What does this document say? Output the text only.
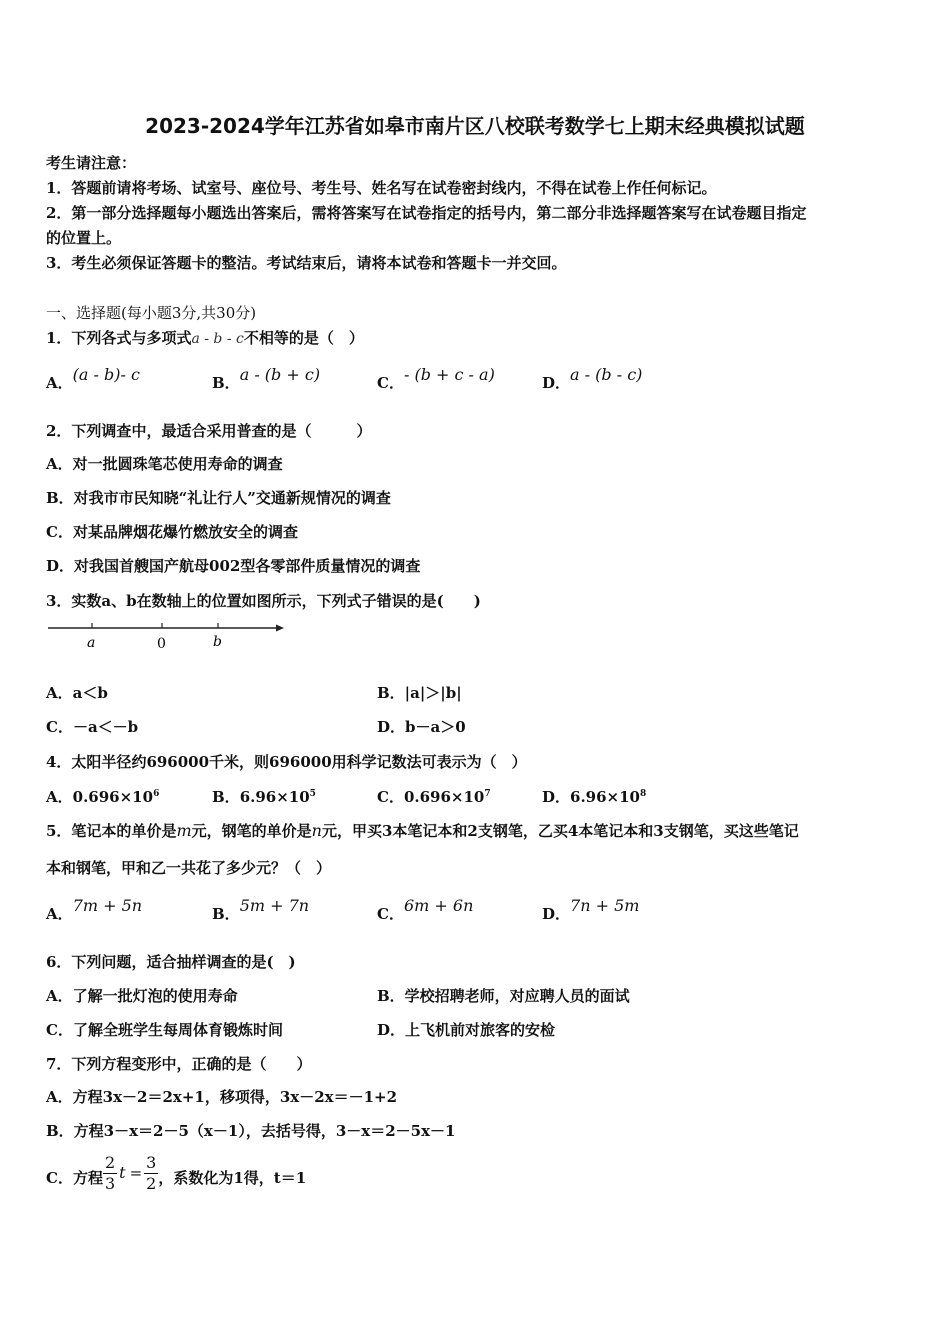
2023-2024学年江苏省如皋市南片区八校联考数学七上期末经典模拟试题
考生请注意：
1．答题前请将考场、试室号、座位号、考生号、姓名写在试卷密封线内，不得在试卷上作任何标记。
2．第一部分选择题每小题选出答案后，需将答案写在试卷指定的括号内，第二部分非选择题答案写在试卷题目指定
的位置上。
3．考生必须保证答题卡的整洁。考试结束后，请将本试卷和答题卡一并交回。
一、选择题(每小题3分,共30分)
1．下列各式与多项式a - b - c不相等的是（　）
A．(a - b)- c	B．a - (b + c)	C．- (b + c - a)	D．a - (b - c)
2．下列调查中，最适合采用普查的是（　　　）
A．对一批圆珠笔芯使用寿命的调查
B．对我市市民知晓“礼让行人”交通新规情况的调查
C．对某品牌烟花爆竹燃放安全的调查
D．对我国首艘国产航母002型各零部件质量情况的调查
3．实数a、b在数轴上的位置如图所示，下列式子错误的是(　　)
a	0	b
A．a＜b	B．|a|＞|b|
C．－a＜－b	D．b－a＞0
4．太阳半径约696000千米，则696000用科学记数法可表示为（　）
A．$0.696\times 10^6$	B．$6.96\times 10^5$	C．$0.696\times 10^7$	D．$6.96\times 10^8$
5．笔记本的单价是m元，钢笔的单价是n元，甲买3本笔记本和2支钢笔，乙买4本笔记本和3支钢笔，买这些笔记
本和钢笔，甲和乙一共花了多少元？（　）
A．7m + 5n	B．5m + 7n	C．6m + 6n	D．7n + 5m
6．下列问题，适合抽样调查的是(　)
A．了解一批灯泡的使用寿命	B．学校招聘老师，对应聘人员的面试
C．了解全班学生每周体育锻炼时间	D．上飞机前对旅客的安检
7．下列方程变形中，正确的是（　　）
A．方程3x－2＝2x+1，移项得，3x－2x＝－1+2
B．方程3－x＝2－5（x－1），去括号得，3－x＝2－5x－1
C．方程 $\frac{2}{3}$ $t = \frac{3}{2}$ ，系数化为1得，t＝1
